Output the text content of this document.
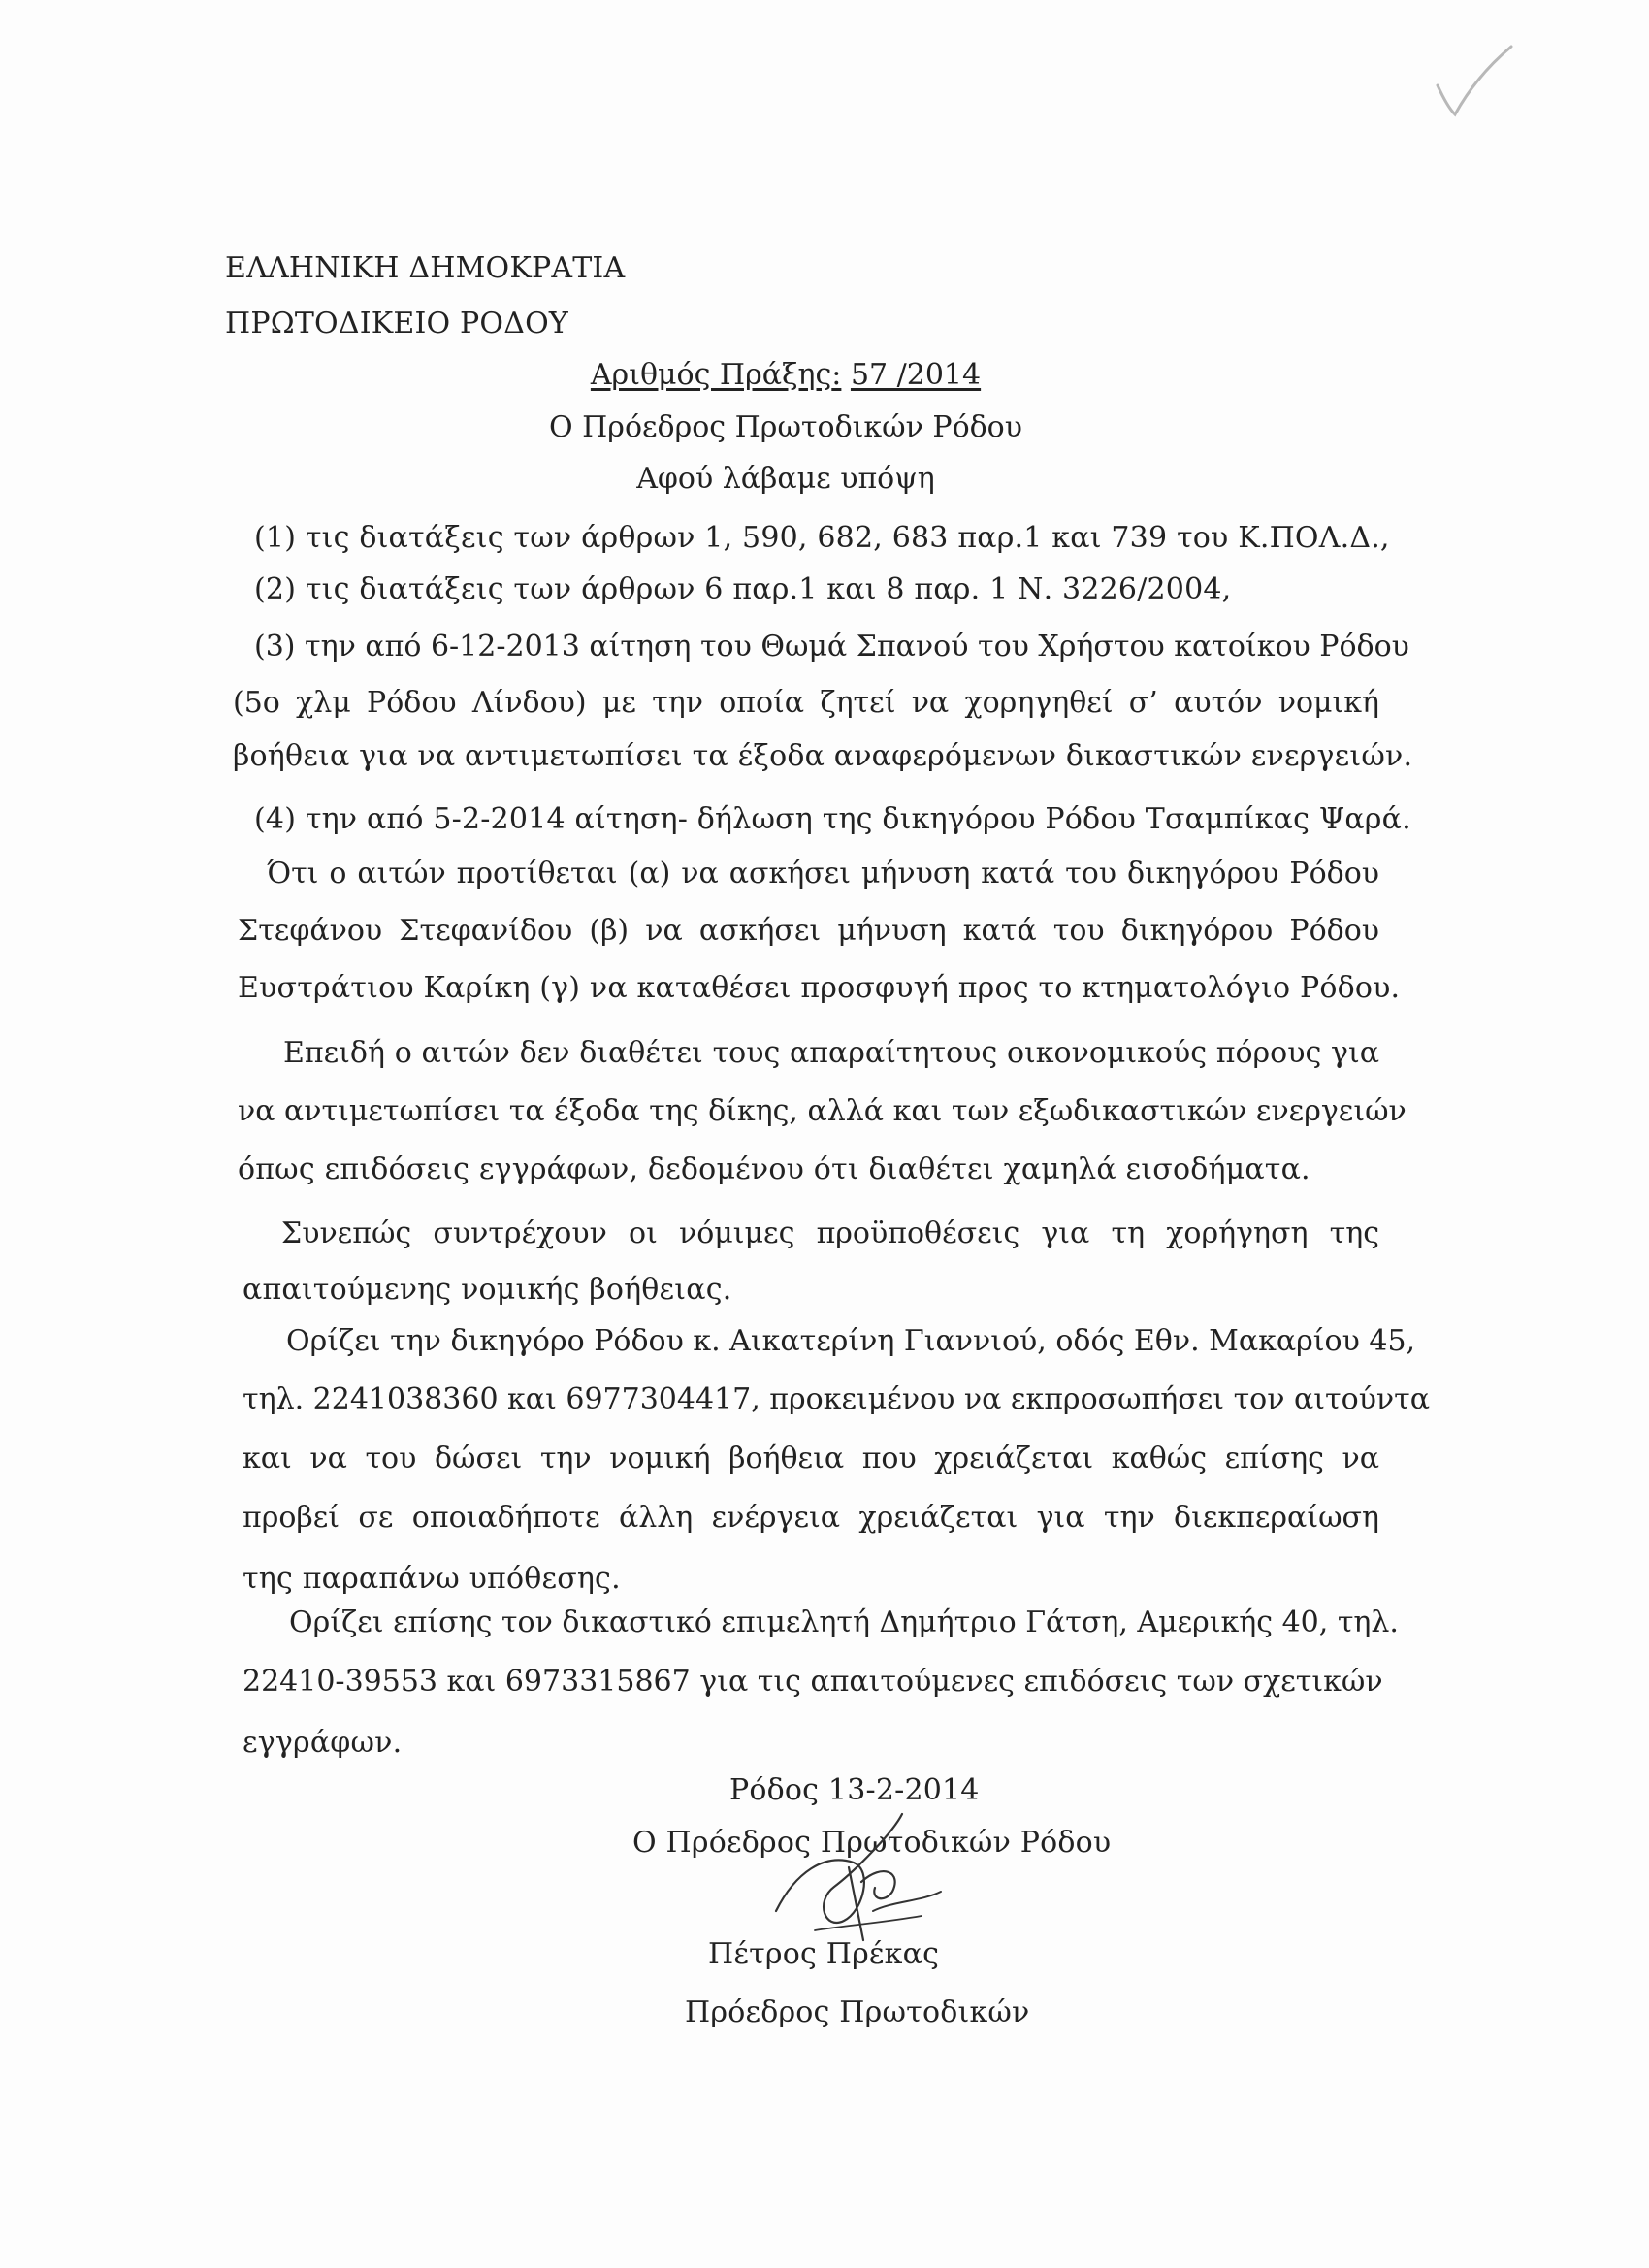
ΕΛΛΗΝΙΚΗ ΔΗΜΟΚΡΑΤΙΑ
ΠΡΩΤΟΔΙΚΕΙΟ ΡΟΔΟΥ
Αριθμός Πράξης: 57 /2014
Ο Πρόεδρος Πρωτοδικών Ρόδου
Αφού λάβαμε υπόψη
(1) τις διατάξεις των άρθρων 1, 590, 682, 683 παρ.1 και 739 του Κ.ΠΟΛ.Δ.,
(2) τις διατάξεις των άρθρων 6 παρ.1 και 8 παρ. 1 Ν. 3226/2004,
(3) την από 6-12-2013 αίτηση του Θωμά Σπανού του Χρήστου κατοίκου Ρόδου
(5ο χλμ Ρόδου Λίνδου) με την οποία ζητεί να χορηγηθεί σ’ αυτόν νομική
βοήθεια για να αντιμετωπίσει τα έξοδα αναφερόμενων δικαστικών ενεργειών.
(4) την από 5-2-2014 αίτηση- δήλωση της δικηγόρου Ρόδου Τσαμπίκας Ψαρά.
Ότι ο αιτών προτίθεται (α) να ασκήσει μήνυση κατά του δικηγόρου Ρόδου
Στεφάνου Στεφανίδου (β) να ασκήσει μήνυση κατά του δικηγόρου Ρόδου
Ευστράτιου Καρίκη (γ) να καταθέσει προσφυγή προς το κτηματολόγιο Ρόδου.
Επειδή ο αιτών δεν διαθέτει τους απαραίτητους οικονομικούς πόρους για
να αντιμετωπίσει τα έξοδα της δίκης, αλλά και των εξωδικαστικών ενεργειών
όπως επιδόσεις εγγράφων, δεδομένου ότι διαθέτει χαμηλά εισοδήματα.
Συνεπώς συντρέχουν οι νόμιμες προϋποθέσεις για τη χορήγηση της
απαιτούμενης νομικής βοήθειας.
Ορίζει την δικηγόρο Ρόδου κ. Αικατερίνη Γιαννιού, οδός Εθν. Μακαρίου 45,
τηλ. 2241038360 και 6977304417, προκειμένου να εκπροσωπήσει τον αιτούντα
και να του δώσει την νομική βοήθεια που χρειάζεται καθώς επίσης να
προβεί σε οποιαδήποτε άλλη ενέργεια χρειάζεται για την διεκπεραίωση
της παραπάνω υπόθεσης.
Ορίζει επίσης τον δικαστικό επιμελητή Δημήτριο Γάτση, Αμερικής 40, τηλ.
22410-39553 και 6973315867 για τις απαιτούμενες επιδόσεις των σχετικών
εγγράφων.
Ρόδος 13-2-2014
Ο Πρόεδρος Πρωτοδικών Ρόδου
Πέτρος Πρέκας
Πρόεδρος Πρωτοδικών
